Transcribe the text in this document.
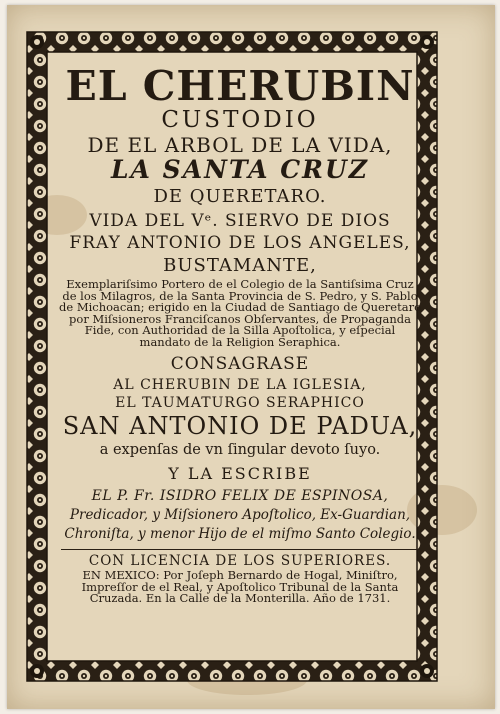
EL CHERUBIN
CUSTODIO
DE EL ARBOL DE LA VIDA,
LA SANTA CRUZ
DE QUERETARO.
VIDA DEL Vᵉ. SIERVO DE DIOS
FRAY ANTONIO DE LOS ANGELES,
BUSTAMANTE,
Exemplariſsimo Portero de el Colegio de la Santiſsima Cruz
de los Milagros, de la Santa Provincia de S. Pedro, y S. Pablo
de Michoacan; erigido en la Ciudad de Santiago de Queretaro
por Miſsioneros Franciſcanos Obſervantes, de Propaganda
Fide, con Authoridad de la Silla Apoſtolica, y eſpecial
mandato de la Religion Seraphica.
CONSAGRASE
AL CHERUBIN DE LA IGLESIA,
EL TAUMATURGO SERAPHICO
SAN ANTONIO DE PADUA,
a expenſas de vn ſingular devoto ſuyo.
Y LA ESCRIBE
EL P. Fr. ISIDRO FELIX DE ESPINOSA,
Predicador, y Miſsionero Apoſtolico, Ex-Guardian,
Chroniſta, y menor Hijo de el miſmo Santo Colegio.
CON LICENCIA DE LOS SUPERIORES.
EN MEXICO: Por Joſeph Bernardo de Hogal, Miniſtro,
Impreſſor de el Real, y Apoſtolico Tribunal de la Santa
Cruzada. En la Calle de la Monterilla. Año de 1731.
